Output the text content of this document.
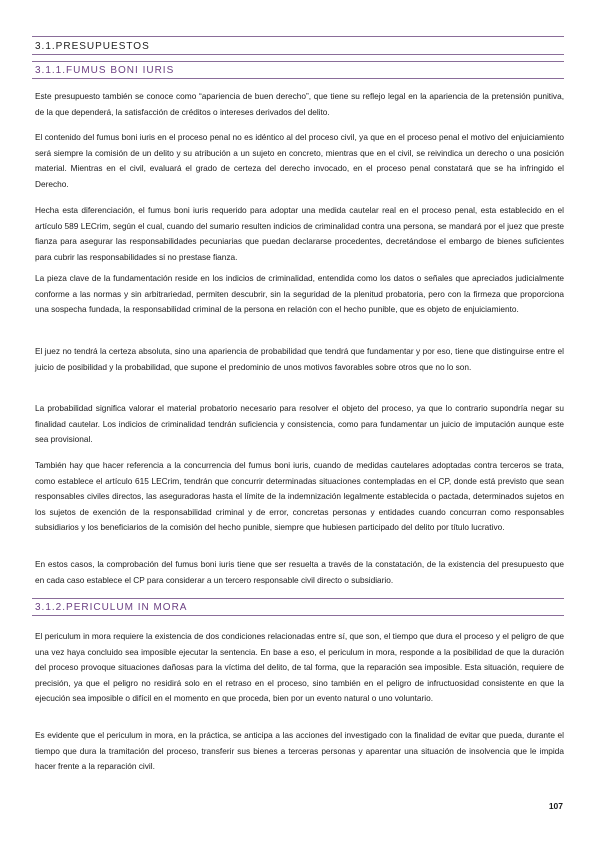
3.1.PRESUPUESTOS
3.1.1.FUMUS BONI IURIS

Este presupuesto también se conoce como “apariencia de buen derecho”, que tiene su reflejo legal en la apariencia de la pretensión punitiva, de la que dependerá, la satisfacción de créditos o intereses derivados del delito.

El contenido del fumus boni iuris en el proceso penal no es idéntico al del proceso civil, ya que en el proceso penal el motivo del enjuiciamiento será siempre la comisión de un delito y su atribución a un sujeto en concreto, mientras que en el civil, se reivindica un derecho o una posición material. Mientras en el civil, evaluará el grado de certeza del derecho invocado, en el proceso penal constatará que se ha infringido el Derecho.

Hecha esta diferenciación, el fumus boni iuris requerido para adoptar una medida cautelar real en el proceso penal, esta establecido en el artículo 589 LECrim, según el cual, cuando del sumario resulten indicios de criminalidad contra una persona, se mandará por el juez que preste fianza para asegurar las responsabilidades pecuniarias que puedan declararse procedentes, decretándose el embargo de bienes suficientes para cubrir las responsabilidades si no prestase fianza.

La pieza clave de la fundamentación reside en los indicios de criminalidad, entendida como los datos o señales que apreciados judicialmente conforme a las normas y sin arbitrariedad, permiten descubrir, sin la seguridad de la plenitud probatoria, pero con la firmeza que proporciona una sospecha fundada, la responsabilidad criminal de la persona en relación con el hecho punible, que es objeto de enjuiciamiento.

El juez no tendrá la certeza absoluta, sino una apariencia de probabilidad que tendrá que fundamentar y por eso, tiene que distinguirse entre el juicio de posibilidad y la probabilidad, que supone el predominio de unos motivos favorables sobre otros que no lo son.

La probabilidad significa valorar el material probatorio necesario para resolver el objeto del proceso, ya que lo contrario supondría negar su finalidad cautelar. Los indicios de criminalidad tendrán suficiencia y consistencia, como para fundamentar un juicio de imputación aunque este sea provisional.

También hay que hacer referencia a la concurrencia del fumus boni iuris, cuando de medidas cautelares adoptadas contra terceros se trata, como establece el artículo 615 LECrim, tendrán que concurrir determinadas situaciones contempladas en el CP, donde está previsto que sean responsables civiles directos, las aseguradoras hasta el límite de la indemnización legalmente establecida o pactada, determinados sujetos en los sujetos de exención de la responsabilidad criminal y de error, concretas personas y entidades cuando concurran como responsables subsidiarios y los beneficiarios de la comisión del hecho punible, siempre que hubiesen participado del delito por título lucrativo.

En estos casos, la comprobación del fumus boni iuris tiene que ser resuelta a través de la constatación, de la existencia del presupuesto que en cada caso establece el CP para considerar a un tercero responsable civil directo o subsidiario.

3.1.2.PERICULUM IN MORA

El periculum in mora requiere la existencia de dos condiciones relacionadas entre sí, que son, el tiempo que dura el proceso y el peligro de que una vez haya concluido sea imposible ejecutar la sentencia. En base a eso, el periculum in mora, responde a la posibilidad de que la duración del proceso provoque situaciones dañosas para la víctima del delito, de tal forma, que la reparación sea imposible. Esta situación, requiere de precisión, ya que el peligro no residirá solo en el retraso en el proceso, sino también en el peligro de infructuosidad consistente en que la ejecución sea imposible o difícil en el momento en que proceda, bien por un evento natural o uno voluntario.

Es evidente que el periculum in mora, en la práctica, se anticipa a las acciones del investigado con la finalidad de evitar que pueda, durante el tiempo que dura la tramitación del proceso, transferir sus bienes a terceras personas y aparentar una situación de insolvencia que le impida hacer frente a la reparación civil.

107
